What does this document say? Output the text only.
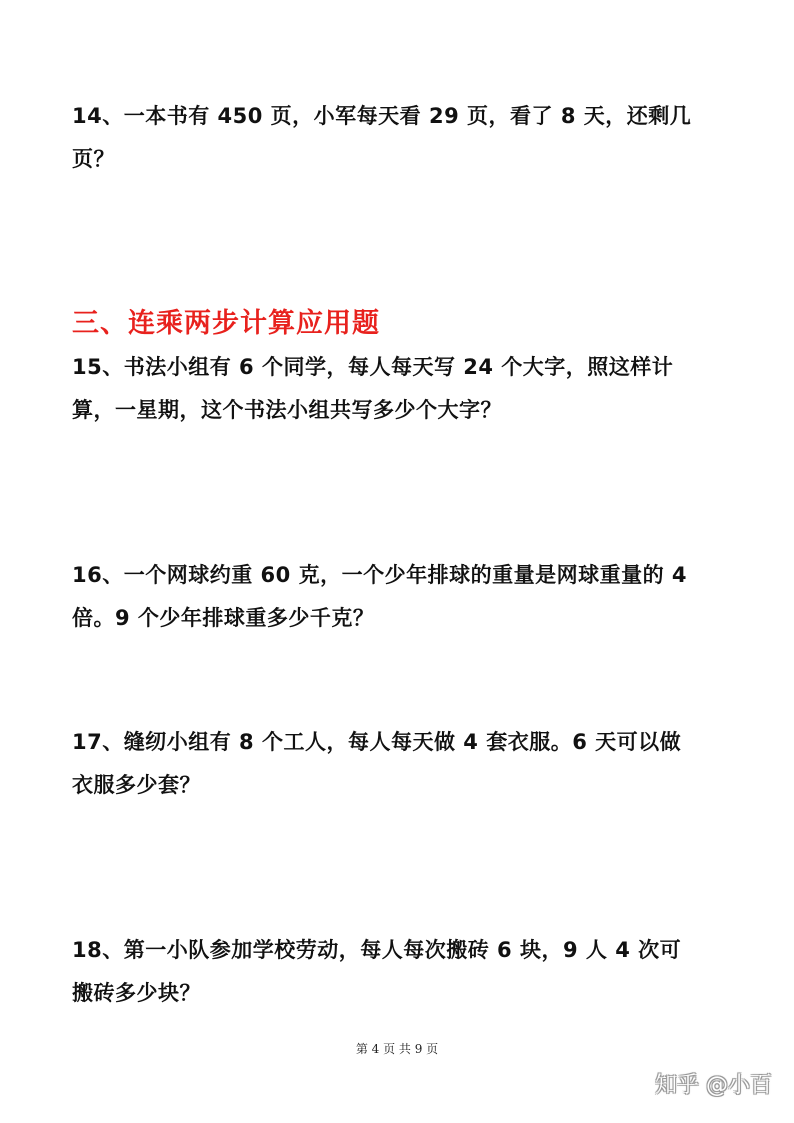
14、一本书有 450 页，小军每天看 29 页，看了 8 天，还剩几
页？
三、连乘两步计算应用题
15、书法小组有 6 个同学，每人每天写 24 个大字，照这样计
算，一星期，这个书法小组共写多少个大字？
16、一个网球约重 60 克，一个少年排球的重量是网球重量的 4
倍。9 个少年排球重多少千克？
17、缝纫小组有 8 个工人，每人每天做 4 套衣服。6 天可以做
衣服多少套？
18、第一小队参加学校劳动，每人每次搬砖 6 块，9 人 4 次可
搬砖多少块？
第 4 页 共 9 页
知乎 @小百
